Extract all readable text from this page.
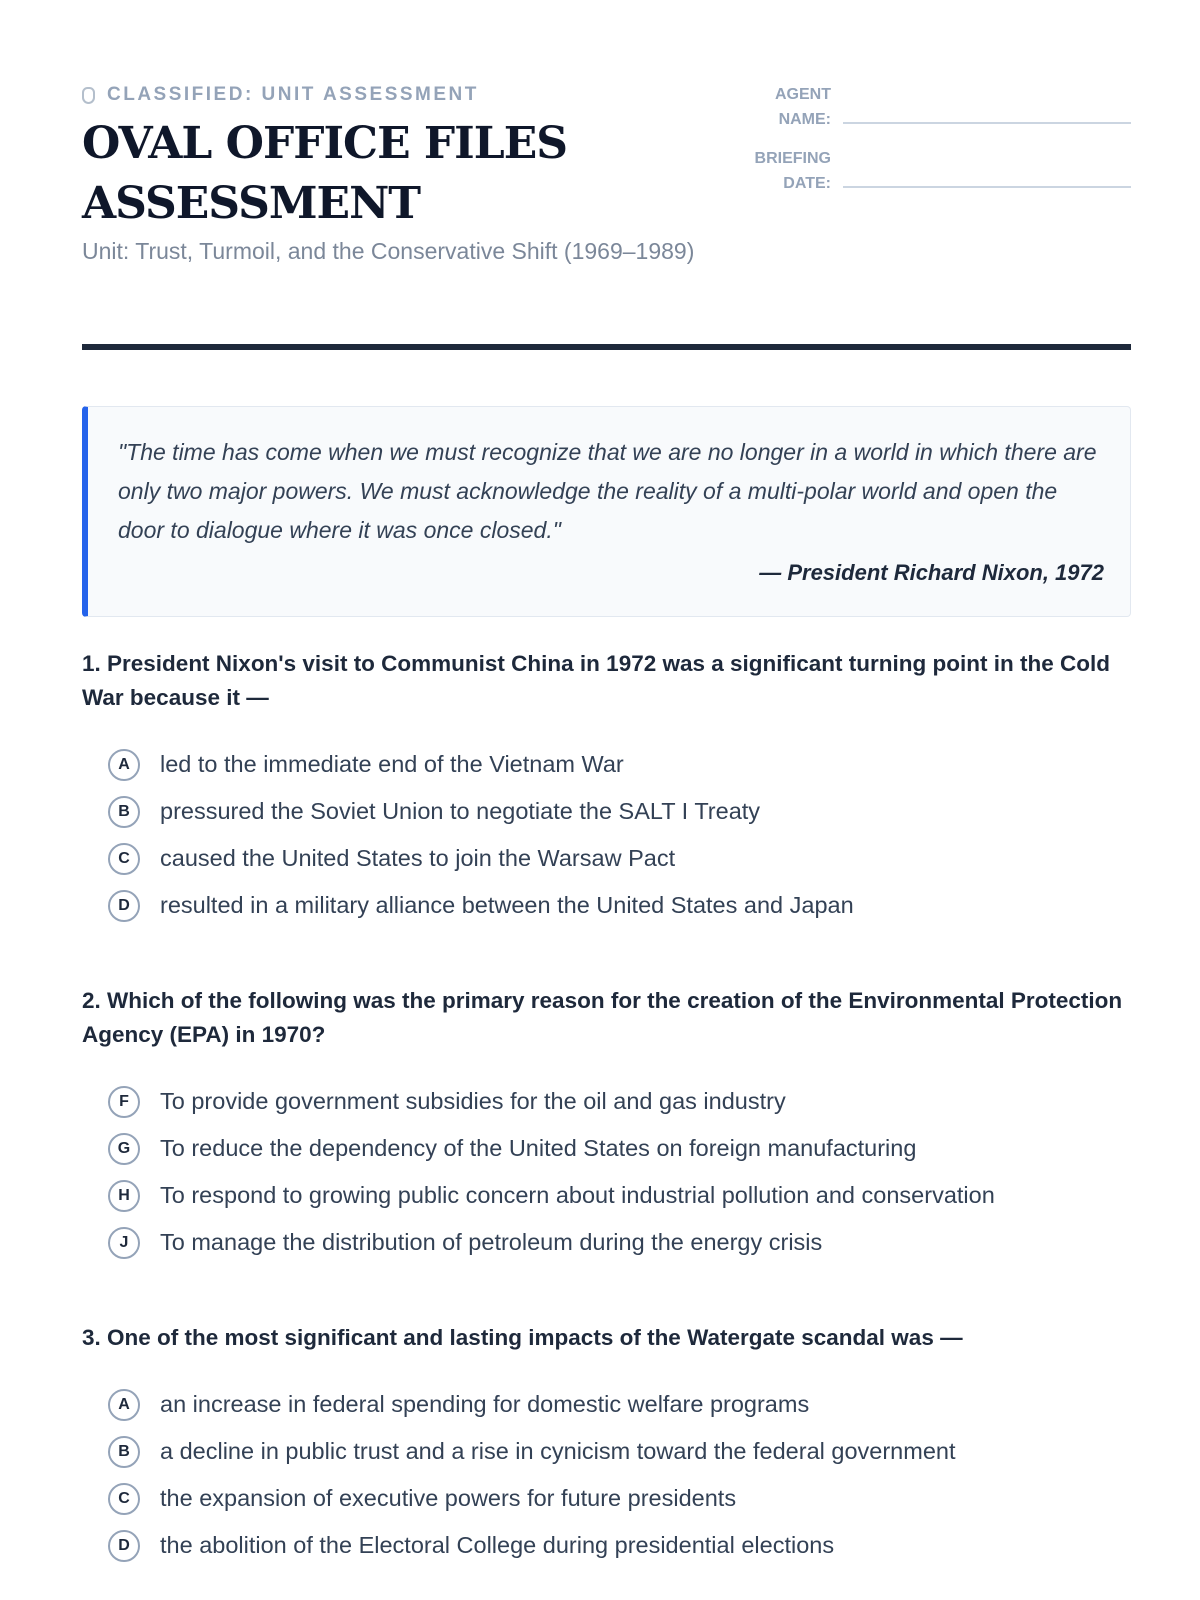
CLASSIFIED: UNIT ASSESSMENT
OVAL OFFICE FILES ASSESSMENT
Unit: Trust, Turmoil, and the Conservative Shift (1969–1989)
AGENT NAME:
BRIEFING DATE:

"The time has come when we must recognize that we are no longer in a world in which there are only two major powers. We must acknowledge the reality of a multi-polar world and open the door to dialogue where it was once closed."

— President Richard Nixon, 1972

1. President Nixon's visit to Communist China in 1972 was a significant turning point in the Cold War because it —
A	led to the immediate end of the Vietnam War
B	pressured the Soviet Union to negotiate the SALT I Treaty
C	caused the United States to join the Warsaw Pact
D	resulted in a military alliance between the United States and Japan
2. Which of the following was the primary reason for the creation of the Environmental Protection Agency (EPA) in 1970?
F	To provide government subsidies for the oil and gas industry
G	To reduce the dependency of the United States on foreign manufacturing
H	To respond to growing public concern about industrial pollution and conservation
J	To manage the distribution of petroleum during the energy crisis
3. One of the most significant and lasting impacts of the Watergate scandal was —
A	an increase in federal spending for domestic welfare programs
B	a decline in public trust and a rise in cynicism toward the federal government
C	the expansion of executive powers for future presidents
D	the abolition of the Electoral College during presidential elections
